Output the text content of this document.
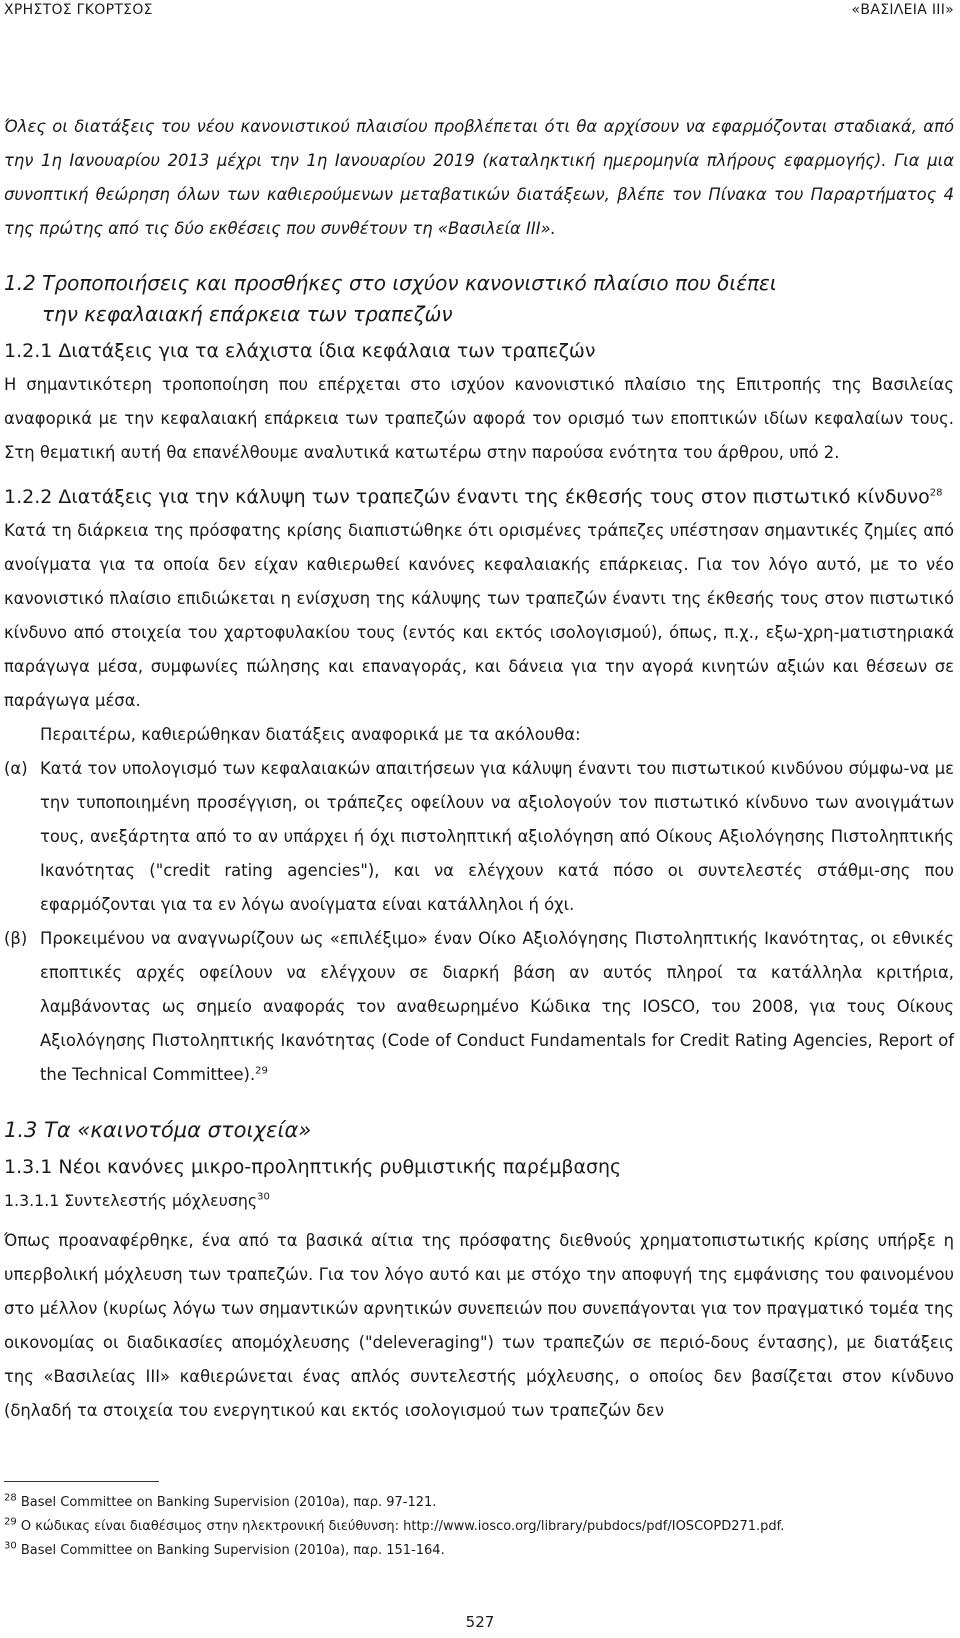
ΧΡΗΣΤΟΣ ΓΚΟΡΤΣΟΣ	«ΒΑΣΙΛΕΙΑ ΙΙΙ»

Όλες οι διατάξεις του νέου κανονιστικού πλαισίου προβλέπεται ότι θα αρχίσουν να εφαρμόζονται σταδιακά, από την 1η Ιανουαρίου 2013 μέχρι την 1η Ιανουαρίου 2019 (καταληκτική ημερομηνία πλήρους εφαρμογής). Για μια συνοπτική θεώρηση όλων των καθιερούμενων μεταβατικών διατάξεων, βλέπε τον Πίνακα του Παραρτήματος 4 της πρώτης από τις δύο εκθέσεις που συνθέτουν τη «Βασιλεία ΙΙΙ».

1.2 Τροποποιήσεις και προσθήκες στο ισχύον κανονιστικό πλαίσιο που διέπει
την κεφαλαιακή επάρκεια των τραπεζών
1.2.1 Διατάξεις για τα ελάχιστα ίδια κεφάλαια των τραπεζών

Η σημαντικότερη τροποποίηση που επέρχεται στο ισχύον κανονιστικό πλαίσιο της Επιτροπής της Βασιλείας αναφορικά με την κεφαλαιακή επάρκεια των τραπεζών αφορά τον ορισμό των εποπτικών ιδίων κεφαλαίων τους. Στη θεματική αυτή θα επανέλθουμε αναλυτικά κατωτέρω στην παρούσα ενότητα του άρθρου, υπό 2.

1.2.2 Διατάξεις για την κάλυψη των τραπεζών έναντι της έκθεσής τους στον πιστωτικό κίνδυνο$^{28}$

Κατά τη διάρκεια της πρόσφατης κρίσης διαπιστώθηκε ότι ορισμένες τράπεζες υπέστησαν σημαντικές ζημίες από ανοίγματα για τα οποία δεν είχαν καθιερωθεί κανόνες κεφαλαιακής επάρκειας. Για τον λόγο αυτό, με το νέο κανονιστικό πλαίσιο επιδιώκεται η ενίσχυση της κάλυψης των τραπεζών έναντι της έκθεσής τους στον πιστωτικό κίνδυνο από στοιχεία του χαρτοφυλακίου τους (εντός και εκτός ισολογισμού), όπως, π.χ., εξω-χρη-ματιστηριακά παράγωγα μέσα, συμφωνίες πώλησης και επαναγοράς, και δάνεια για την αγορά κινητών αξιών και θέσεων σε παράγωγα μέσα.

Περαιτέρω, καθιερώθηκαν διατάξεις αναφορικά με τα ακόλουθα:

(α) Κατά τον υπολογισμό των κεφαλαιακών απαιτήσεων για κάλυψη έναντι του πιστωτικού κινδύνου σύμφω-να με την τυποποιημένη προσέγγιση, οι τράπεζες οφείλουν να αξιολογούν τον πιστωτικό κίνδυνο των ανοιγμάτων τους, ανεξάρτητα από το αν υπάρχει ή όχι πιστοληπτική αξιολόγηση από Οίκους Αξιολόγησης Πιστοληπτικής Ικανότητας ("credit rating agencies"), και να ελέγχουν κατά πόσο οι συντελεστές στάθμι-σης που εφαρμόζονται για τα εν λόγω ανοίγματα είναι κατάλληλοι ή όχι.
(β) Προκειμένου να αναγνωρίζουν ως «επιλέξιμο» έναν Οίκο Αξιολόγησης Πιστοληπτικής Ικανότητας, οι εθνικές εποπτικές αρχές οφείλουν να ελέγχουν σε διαρκή βάση αν αυτός πληροί τα κατάλληλα κριτήρια, λαμβάνοντας ως σημείο αναφοράς τον αναθεωρημένο Κώδικα της IOSCO, του 2008, για τους Οίκους Αξιολόγησης Πιστοληπτικής Ικανότητας (Code of Conduct Fundamentals for Credit Rating Agencies, Report of the Technical Committee).$^{29}$
1.3 Τα «καινοτόμα στοιχεία»
1.3.1 Νέοι κανόνες μικρο-προληπτικής ρυθμιστικής παρέμβασης
1.3.1.1 Συντελεστής μόχλευσης$^{30}$

Όπως προαναφέρθηκε, ένα από τα βασικά αίτια της πρόσφατης διεθνούς χρηματοπιστωτικής κρίσης υπήρξε η υπερβολική μόχλευση των τραπεζών. Για τον λόγο αυτό και με στόχο την αποφυγή της εμφάνισης του φαινομένου στο μέλλον (κυρίως λόγω των σημαντικών αρνητικών συνεπειών που συνεπάγονται για τον πραγματικό τομέα της οικονομίας οι διαδικασίες απομόχλευσης ("deleveraging") των τραπεζών σε περιό-δους έντασης), με διατάξεις της «Βασιλείας ΙΙΙ» καθιερώνεται ένας απλός συντελεστής μόχλευσης, ο οποίος δεν βασίζεται στον κίνδυνο (δηλαδή τα στοιχεία του ενεργητικού και εκτός ισολογισμού των τραπεζών δεν

$^{28}$ Basel Committee on Banking Supervision (2010a), παρ. 97-121.
$^{29}$ Ο κώδικας είναι διαθέσιμος στην ηλεκτρονική διεύθυνση: http://www.iosco.org/library/pubdocs/pdf/IOSCOPD271.pdf.
$^{30}$ Basel Committee on Banking Supervision (2010a), παρ. 151-164.
527
